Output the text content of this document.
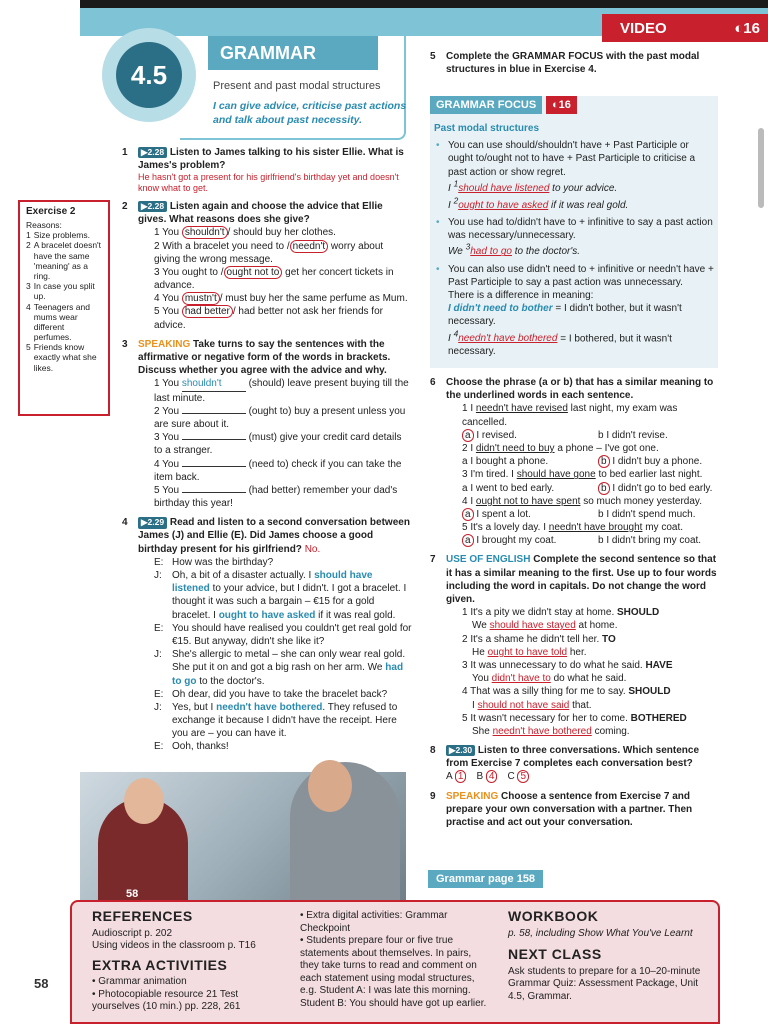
VIDEO	◐16
4.5
GRAMMAR
Present and past modal structures
I can give advice, criticise past actions and talk about past necessity.
1	▶2.28 Listen to James talking to his sister Ellie. What is James's problem?
He hasn't got a present for his girlfriend's birthday yet and doesn't know what to get.
2	▶2.28 Listen again and choose the advice that Ellie gives. What reasons does she give?
1 You shouldn't / should buy her clothes.
2 With a bracelet you need to / needn't worry about giving the wrong message.
3 You ought to / ought not to get her concert tickets in advance.
4 You mustn't / must buy her the same perfume as Mum.
5 You had better / had better not ask her friends for advice.
3	SPEAKING Take turns to say the sentences with the affirmative or negative form of the words in brackets. Discuss whether you agree with the advice and why.
1 You shouldn't (should) leave present buying till the last minute.
2 You	(ought to) buy a present unless you are sure about it.
3 You	(must) give your credit card details to a stranger.
4 You	(need to) check if you can take the item back.
5 You	(had better) remember your dad's birthday this year!
4	▶2.29 Read and listen to a second conversation between James (J) and Ellie (E). Did James choose a good birthday present for his girlfriend? No.
E: How was the birthday?
J:	Oh, a bit of a disaster actually. I should have listened to your advice, but I didn't. I got a bracelet. I thought it was such a bargain – €15 for a gold bracelet. I ought to have asked if it was real gold.
E: You should have realised you couldn't get real gold for €15. But anyway, didn't she like it?
J:	She's allergic to metal – she can only wear real gold. She put it on and got a big rash on her arm. We had to go to the doctor's.
E: Oh dear, did you have to take the bracelet back?
J:	Yes, but I needn't have bothered. They refused to exchange it because I didn't have the receipt. Here you are – you can have it.
E: Ooh, thanks!
5	Complete the GRAMMAR FOCUS with the past modal structures in blue in Exercise 4.
GRAMMAR FOCUS	◐16
Past modal structures
• You can use should/shouldn't have + Past Participle or ought to/ought not to have + Past Participle to criticise a past action or show regret.
I $^1$should have listened to your advice.
I $^2$ought to have asked if it was real gold.
• You use had to/didn't have to + infinitive to say a past action was necessary/unnecessary.
We $^3$had to go to the doctor's.
• You can also use didn't need to + infinitive or needn't have + Past Participle to say a past action was unnecessary.
There is a difference in meaning:
I didn't need to bother = I didn't bother, but it wasn't necessary.
I $^4$needn't have bothered = I bothered, but it wasn't necessary.
6	Choose the phrase (a or b) that has a similar meaning to the underlined words in each sentence.
1 I needn't have revised last night, my exam was cancelled.
a I revised.	b I didn't revise.
2 I didn't need to buy a phone – I've got one.
a I bought a phone.	b I didn't buy a phone.
3 I'm tired. I should have gone to bed earlier last night.
a I went to bed early.	b I didn't go to bed early.
4 I ought not to have spent so much money yesterday.
a I spent a lot.	b I didn't spend much.
5 It's a lovely day. I needn't have brought my coat.
a I brought my coat.	b I didn't bring my coat.
7	USE OF ENGLISH Complete the second sentence so that it has a similar meaning to the first. Use up to four words including the word in capitals. Do not change the word given.
1 It's a pity we didn't stay at home. SHOULD
We should have stayed at home.
2 It's a shame he didn't tell her. TO
He ought to have told her.
3 It was unnecessary to do what he said. HAVE
You didn't have to do what he said.
4 That was a silly thing for me to say. SHOULD
I should not have said that.
5 It wasn't necessary for her to come. BOTHERED
She needn't have bothered coming.
8	▶2.30 Listen to three conversations. Which sentence from Exercise 7 completes each conversation best?
A 1 B 4 C 5
9	SPEAKING Choose a sentence from Exercise 7 and prepare your own conversation with a partner. Then practise and act out your conversation.
Grammar page 158
58
Exercise 2
Reasons:
1 Size problems.
2 A bracelet doesn't have the same 'meaning' as a ring.
3 In case you split up.
4 Teenagers and mums wear different perfumes.
5 Friends know exactly what she likes.
REFERENCES
Audioscript p. 202
Using videos in the classroom p. T16
EXTRA ACTIVITIES
• Grammar animation
• Photocopiable resource 21 Test yourselves (10 min.) pp. 228, 261
• Extra digital activities: Grammar Checkpoint
• Students prepare four or five true statements about themselves. In pairs, they take turns to read and comment on each statement using modal structures, e.g. Student A: I was late this morning. Student B: You should have got up earlier.
WORKBOOK
p. 58, including Show What You've Learnt
NEXT CLASS
Ask students to prepare for a 10–20-minute Grammar Quiz: Assessment Package, Unit 4.5, Grammar.
58
